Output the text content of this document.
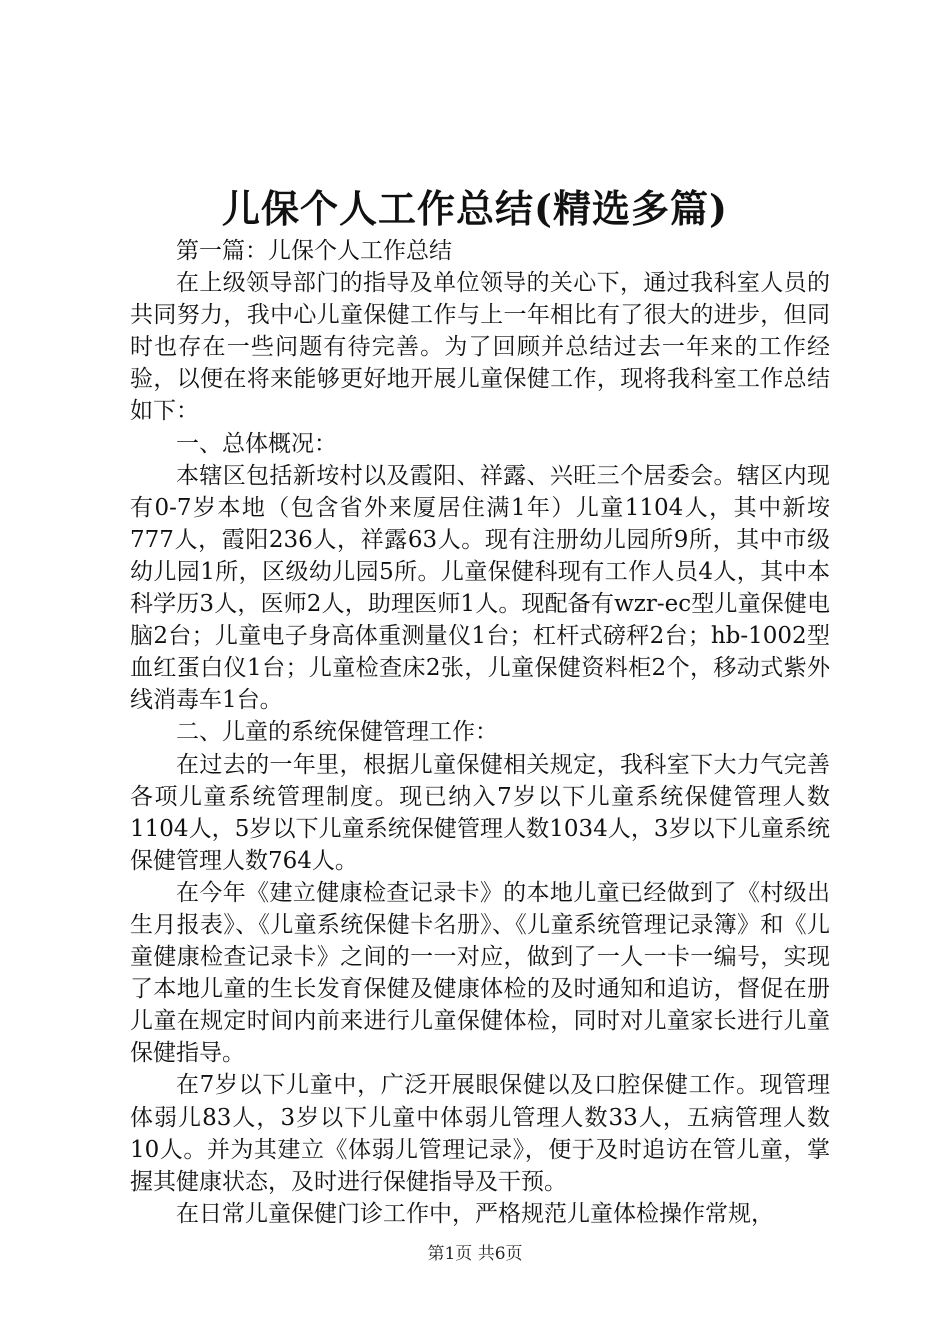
儿保个人工作总结(精选多篇)

第一篇：儿保个人工作总结

在上级领导部门的指导及单位领导的关心下，通过我科室人员的共同努力，我中心儿童保健工作与上一年相比有了很大的进步，但同时也存在一些问题有待完善。为了回顾并总结过去一年来的工作经验，以便在将来能够更好地开展儿童保健工作，现将我科室工作总结如下：

一、总体概况：

本辖区包括新垵村以及霞阳、祥露、兴旺三个居委会。辖区内现有0-7岁本地（包含省外来厦居住满1年）儿童1104人，其中新垵777人，霞阳236人，祥露63人。现有注册幼儿园所9所，其中市级幼儿园1所，区级幼儿园5所。儿童保健科现有工作人员4人，其中本科学历3人，医师2人，助理医师1人。现配备有wzr-ec型儿童保健电脑2台；儿童电子身高体重测量仪1台；杠杆式磅秤2台；hb-1002型血红蛋白仪1台；儿童检查床2张，儿童保健资料柜2个，移动式紫外线消毒车1台。

二、儿童的系统保健管理工作：

在过去的一年里，根据儿童保健相关规定，我科室下大力气完善各项儿童系统管理制度。现已纳入7岁以下儿童系统保健管理人数1104人，5岁以下儿童系统保健管理人数1034人，3岁以下儿童系统保健管理人数764人。

在今年《建立健康检查记录卡》的本地儿童已经做到了《村级出生月报表》、《儿童系统保健卡名册》、《儿童系统管理记录簿》和《儿童健康检查记录卡》之间的一一对应，做到了一人一卡一编号，实现了本地儿童的生长发育保健及健康体检的及时通知和追访，督促在册儿童在规定时间内前来进行儿童保健体检，同时对儿童家长进行儿童保健指导。

在7岁以下儿童中，广泛开展眼保健以及口腔保健工作。现管理体弱儿83人，3岁以下儿童中体弱儿管理人数33人，五病管理人数10人。并为其建立《体弱儿管理记录》，便于及时追访在管儿童，掌握其健康状态，及时进行保健指导及干预。

在日常儿童保健门诊工作中，严格规范儿童体检操作常规，

第1页 共6页
